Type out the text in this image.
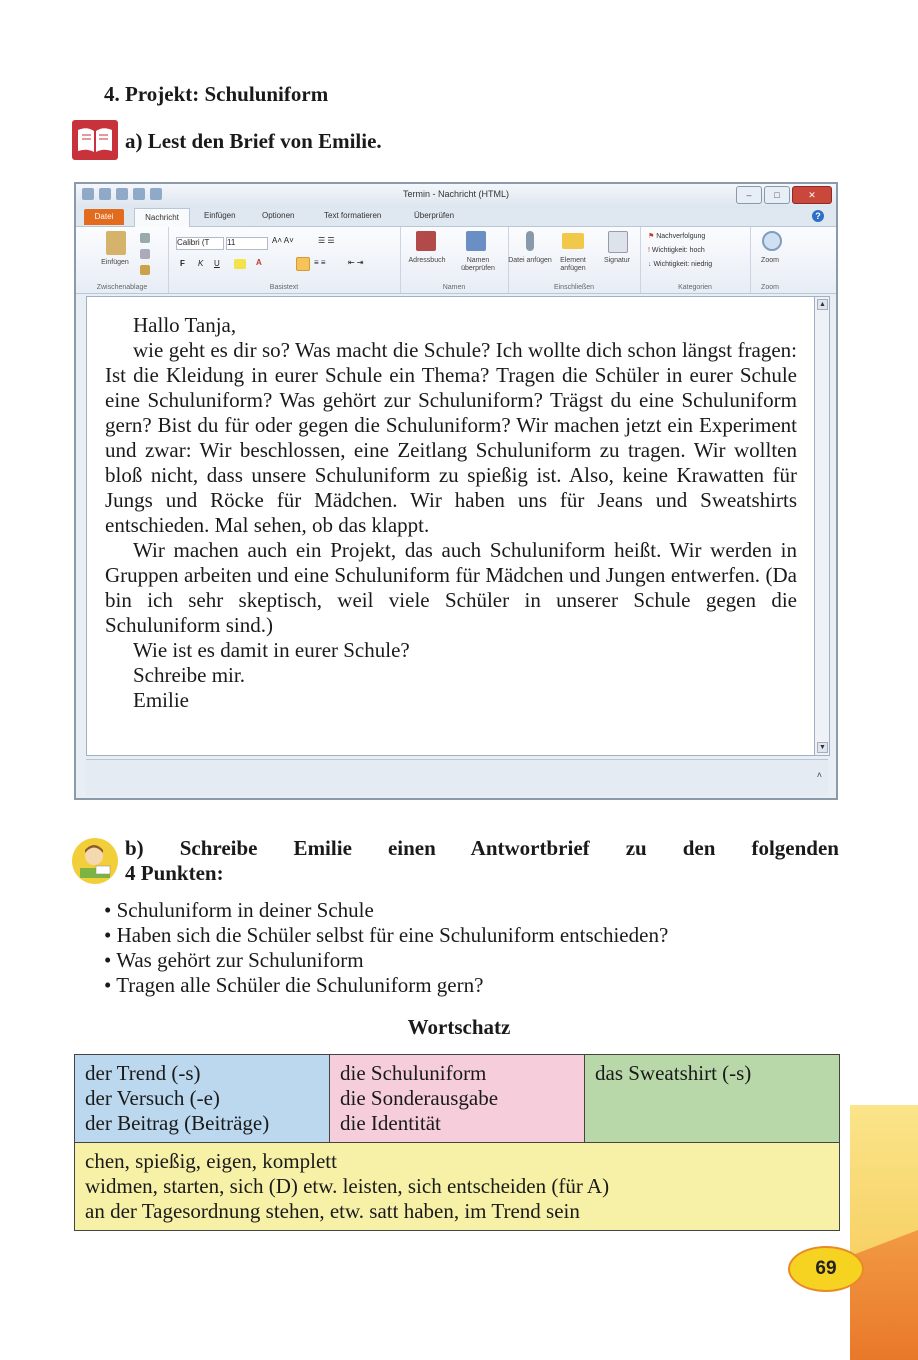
4. Projekt: Schuluniform
a) Lest den Brief von Emilie.
Termin - Nachricht (HTML)	–	□	✕
Datei	Nachricht	Einfügen	Optionen	Text formatieren	Überprüfen	?
Einfügen
Zwischenablage
Calibri (T	11	A˄ A˅	☰ ☰
F K U	A	≡ ≡	⇤ ⇥
Basistext
Adressbuch	Namen überprüfen
Namen
Datei anfügen	Element anfügen
Signatur
Einschließen
⚑ Nachverfolgung
! Wichtigkeit: hoch
↓ Wichtigkeit: niedrig
Kategorien
Zoom
Zoom

Hallo Tanja,

wie geht es dir so? Was macht die Schule? Ich wollte dich schon längst fragen: Ist die Kleidung in eurer Schule ein Thema? Tragen die Schüler in eurer Schule eine Schuluniform? Was gehört zur Schuluniform? Trägst du eine Schuluniform gern? Bist du für oder gegen die Schuluniform? Wir machen jetzt ein Experiment und zwar: Wir beschlossen, eine Zeitlang Schuluniform zu tragen. Wir wollten bloß nicht, dass unsere Schuluniform zu spießig ist. Also, keine Krawatten für Jungs und Röcke für Mädchen. Wir haben uns für Jeans und Sweatshirts entschieden. Mal sehen, ob das klappt.

Wir machen auch ein Projekt, das auch Schuluniform heißt. Wir werden in Gruppen arbeiten und eine Schuluniform für Mädchen und Jungen entwerfen. (Da bin ich sehr skeptisch, weil viele Schüler in unserer Schule gegen die Schuluniform sind.)

Wie ist es damit in eurer Schule?

Schreibe mir.

Emilie

▲
▼
˄
b) Schreibe Emilie einen Antwortbrief zu den folgenden
4 Punkten:
• Schuluniform in deiner Schule
• Haben sich die Schüler selbst für eine Schuluniform entschieden?
• Was gehört zur Schuluniform
• Tragen alle Schüler die Schuluniform gern?
Wortschatz
der Trend (-s)
der Versuch (-e)
der Beitrag (Beiträge)
die Schuluniform
die Sonderausgabe
die Identität
das Sweatshirt (-s)
chen, spießig, eigen, komplett
widmen, starten, sich (D) etw. leisten, sich entscheiden (für A)
an der Tagesordnung stehen, etw. satt haben, im Trend sein
69
